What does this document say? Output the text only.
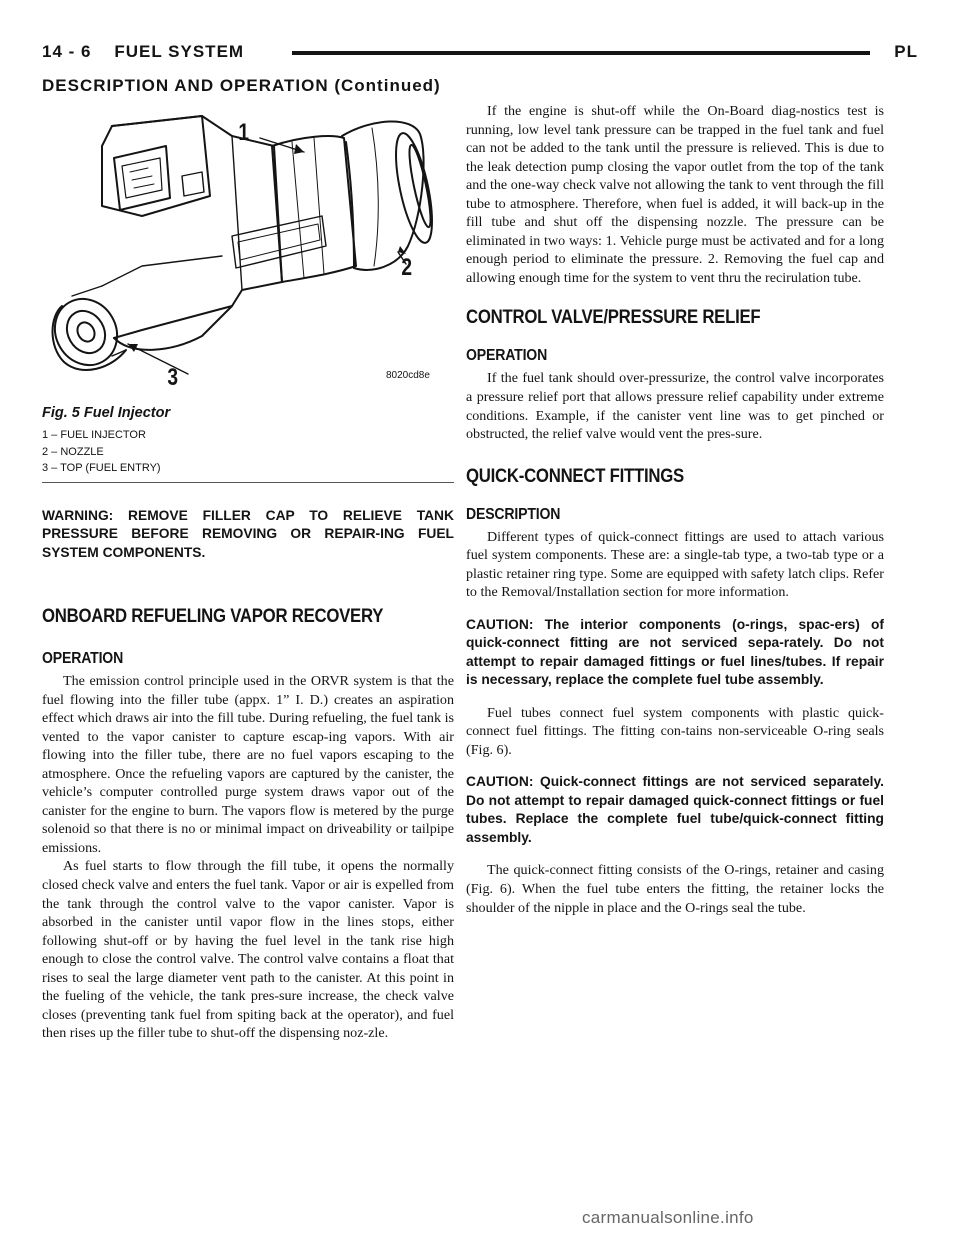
14 - 6    FUEL SYSTEM	PL
DESCRIPTION AND OPERATION (Continued)
1
2
3	8020cd8e
Fig. 5 Fuel Injector
1 – FUEL INJECTOR
2 – NOZZLE
3 – TOP (FUEL ENTRY)
WARNING: REMOVE FILLER CAP TO RELIEVE TANK PRESSURE BEFORE REMOVING OR REPAIR-ING FUEL SYSTEM COMPONENTS.
ONBOARD REFUELING VAPOR RECOVERY
OPERATION

The emission control principle used in the ORVR system is that the fuel flowing into the filler tube (appx. 1” I. D.) creates an aspiration effect which draws air into the fill tube. During refueling, the fuel tank is vented to the vapor canister to capture escap-ing vapors. With air flowing into the filler tube, there are no fuel vapors escaping to the atmosphere. Once the refueling vapors are captured by the canister, the vehicle’s computer controlled purge system draws vapor out of the canister for the engine to burn. The vapors flow is metered by the purge solenoid so that there is no or minimal impact on driveability or tailpipe emissions.

As fuel starts to flow through the fill tube, it opens the normally closed check valve and enters the fuel tank. Vapor or air is expelled from the tank through the control valve to the vapor canister. Vapor is absorbed in the canister until vapor flow in the lines stops, either following shut-off or by having the fuel level in the tank rise high enough to close the control valve. The control valve contains a float that rises to seal the large diameter vent path to the canister. At this point in the fueling of the vehicle, the tank pres-sure increase, the check valve closes (preventing tank fuel from spiting back at the operator), and fuel then rises up the filler tube to shut-off the dispensing noz-zle.

If the engine is shut-off while the On-Board diag-nostics test is running, low level tank pressure can be trapped in the fuel tank and fuel can not be added to the tank until the pressure is relieved. This is due to the leak detection pump closing the vapor outlet from the top of the tank and the one-way check valve not allowing the tank to vent through the fill tube to atmosphere. Therefore, when fuel is added, it will back-up in the fill tube and shut off the dispensing nozzle. The pressure can be eliminated in two ways: 1. Vehicle purge must be activated and for a long enough period to eliminate the pressure. 2. Removing the fuel cap and allowing enough time for the system to vent thru the recirulation tube.

CONTROL VALVE/PRESSURE RELIEF
OPERATION

If the fuel tank should over-pressurize, the control valve incorporates a pressure relief port that allows pressure relief capability under extreme conditions. Example, if the canister vent line was to get pinched or obstructed, the relief valve would vent the pres-sure.

QUICK-CONNECT FITTINGS
DESCRIPTION

Different types of quick-connect fittings are used to attach various fuel system components. These are: a single-tab type, a two-tab type or a plastic retainer ring type. Some are equipped with safety latch clips. Refer to the Removal/Installation section for more information.

CAUTION: The interior components (o-rings, spac-ers) of quick-connect fitting are not serviced sepa-rately. Do not attempt to repair damaged fittings or fuel lines/tubes. If repair is necessary, replace the complete fuel tube assembly.

Fuel tubes connect fuel system components with plastic quick-connect fuel fittings. The fitting con-tains non-serviceable O-ring seals (Fig. 6).

CAUTION: Quick-connect fittings are not serviced separately. Do not attempt to repair damaged quick-connect fittings or fuel tubes. Replace the complete fuel tube/quick-connect fitting assembly.

The quick-connect fitting consists of the O-rings, retainer and casing (Fig. 6). When the fuel tube enters the fitting, the retainer locks the shoulder of the nipple in place and the O-rings seal the tube.

carmanualsonline.info
